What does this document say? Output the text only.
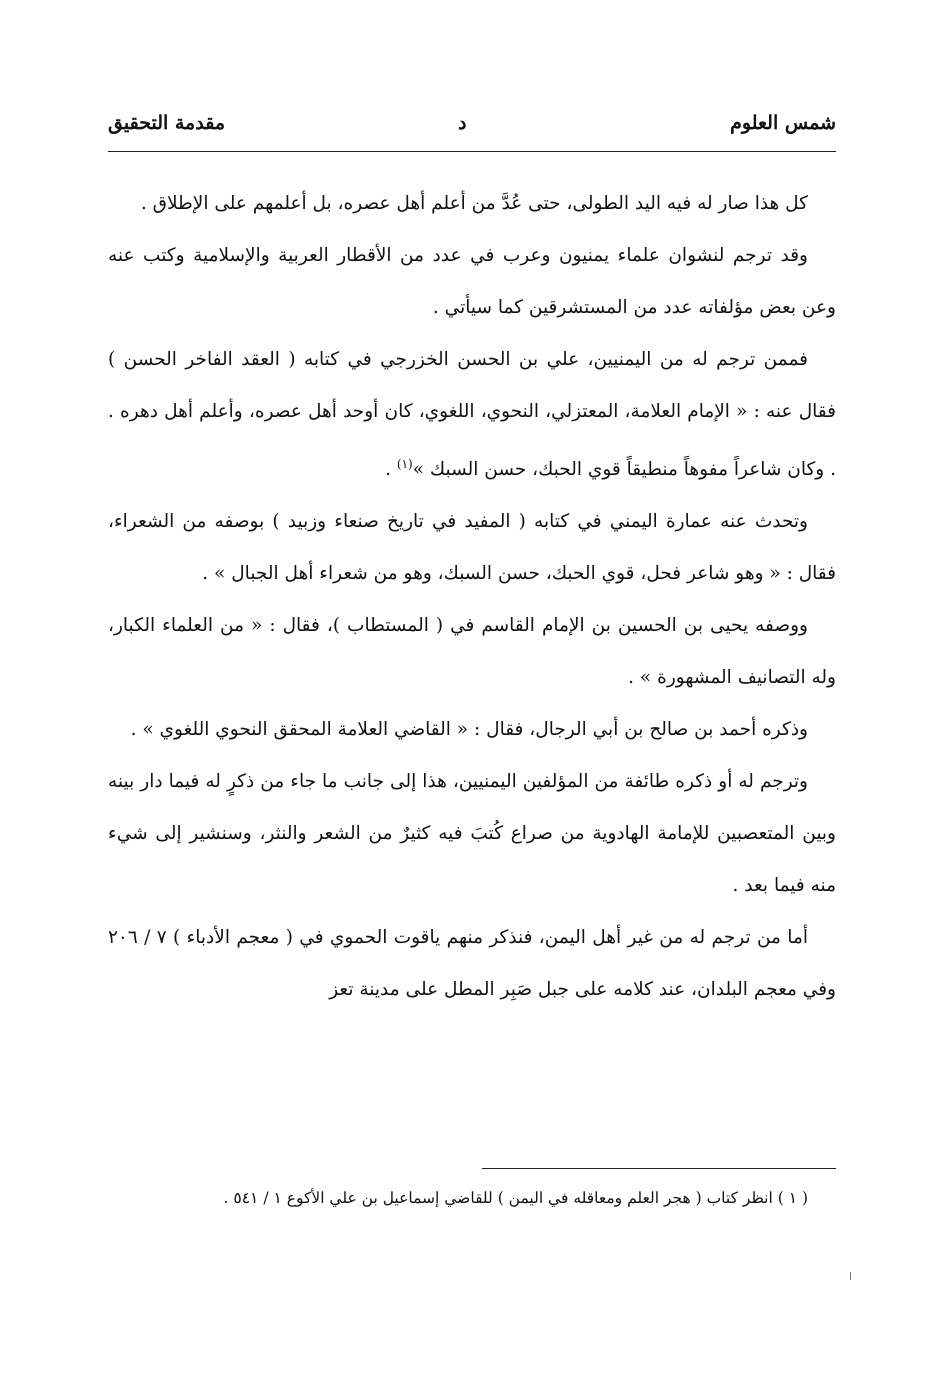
شمس العلوم
د
مقدمة التحقيق

كل هذا صار له فيه اليد الطولى، حتى عُدَّ من أعلم أهل عصره، بل أعلمهم على الإطلاق .

وقد ترجم لنشوان علماء يمنيون وعرب في عدد من الأقطار العربية والإسلامية وكتب عنه وعن بعض مؤلفاته عدد من المستشرقين كما سيأتي .

فممن ترجم له من اليمنيين، علي بن الحسن الخزرجي في كتابه ( العقد الفاخر الحسن ) فقال عنه : « الإمام العلامة، المعتزلي، النحوي، اللغوي، كان أوحد أهل عصره، وأعلم أهل دهره . . وكان شاعراً مفوهاً منطيقاً قوي الحبك، حسن السبك »$^{(١)}$ .

وتحدث عنه عمارة اليمني في كتابه ( المفيد في تاريخ صنعاء وزبيد ) بوصفه من الشعراء، فقال : « وهو شاعر فحل، قوي الحبك، حسن السبك، وهو من شعراء أهل الجبال » .

ووصفه يحيى بن الحسين بن الإمام القاسم في ( المستطاب )، فقال : « من العلماء الكبار، وله التصانيف المشهورة » .

وذكره أحمد بن صالح بن أبي الرجال، فقال : « القاضي العلامة المحقق النحوي اللغوي » .

وترجم له أو ذكره طائفة من المؤلفين اليمنيين، هذا إلى جانب ما جاء من ذكرٍ له فيما دار بينه وبين المتعصبين للإمامة الهادوية من صراع كُتبَ فيه كثيرٌ من الشعر والنثر، وسنشير إلى شيء منه فيما بعد .

أما من ترجم له من غير أهل اليمن، فنذكر منهم ياقوت الحموي في ( معجم الأدباء ) ٧ / ٢٠٦ وفي معجم البلدان، عند كلامه على جبل صَبِر المطل على مدينة تعز

( ١ ) انظر كتاب ( هجر العلم ومعاقله في اليمن ) للقاضي إسماعيل بن علي الأكوع ١ / ٥٤١ .
